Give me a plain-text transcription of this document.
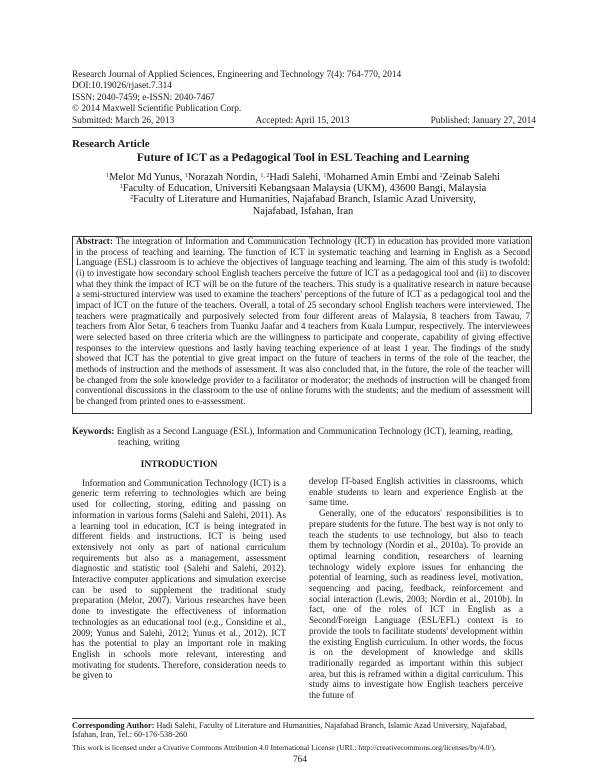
Research Journal of Applied Sciences, Engineering and Technology 7(4): 764-770, 2014
DOI:10.19026/rjaset.7.314
ISSN: 2040-7459; e-ISSN: 2040-7467
© 2014 Maxwell Scientific Publication Corp.
Submitted: March 26, 2013	Accepted: April 15, 2013	Published: January 27, 2014
Research Article
Future of ICT as a Pedagogical Tool in ESL Teaching and Learning
$^1$Melor Md Yunus, $^1$Norazah Nordin, $^{1, 2}$Hadi Salehi, $^1$Mohamed Amin Embi and $^2$Zeinab Salehi
$^1$Faculty of Education, Universiti Kebangsaan Malaysia (UKM), 43600 Bangi, Malaysia
$^2$Faculty of Literature and Humanities, Najafabad Branch, Islamic Azad University,
Najafabad, Isfahan, Iran
Abstract: The integration of Information and Communication Technology (ICT) in education has provided more variation in the process of teaching and learning. The function of ICT in systematic teaching and learning in English as a Second Language (ESL) classroom is to achieve the objectives of language teaching and learning. The aim of this study is twofold: (i) to investigate how secondary school English teachers perceive the future of ICT as a pedagogical tool and (ii) to discover what they think the impact of ICT will be on the future of the teachers. This study is a qualitative research in nature because a semi-structured interview was used to examine the teachers' perceptions of the future of ICT as a pedagogical tool and the impact of ICT on the future of the teachers. Overall, a total of 25 secondary school English teachers were interviewed. The teachers were pragmatically and purposively selected from four different areas of Malaysia, 8 teachers from Tawau, 7 teachers from Alor Setar, 6 teachers from Tuanku Jaafar and 4 teachers from Kuala Lumpur, respectively. The interviewees were selected based on three criteria which are the willingness to participate and cooperate, capability of giving effective responses to the interview questions and lastly having teaching experience of at least 1 year. The findings of the study showed that ICT has the potential to give great impact on the future of teachers in terms of the role of the teacher, the methods of instruction and the methods of assessment. It was also concluded that, in the future, the role of the teacher will be changed from the sole knowledge provider to a facilitator or moderator; the methods of instruction will be changed from conventional discussions in the classroom to the use of online forums with the students; and the medium of assessment will be changed from printed ones to e-assessment.
Keywords: English as a Second Language (ESL), Information and Communication Technology (ICT), learning, reading, teaching, writing
INTRODUCTION

Information and Communication Technology (ICT) is a generic term referring to technologies which are being used for collecting, storing, editing and passing on information in various forms (Salehi and Salehi, 2011). As a learning tool in education, ICT is being integrated in different fields and instructions. ICT is being used extensively not only as part of national curriculum requirements but also as a management, assessment diagnostic and statistic tool (Salehi and Salehi, 2012). Interactive computer applications and simulation exercise can be used to supplement the traditional study preparation (Melor, 2007). Various researches have been done to investigate the effectiveness of information technologies as an educational tool (e.g., Considine et al., 2009; Yunus and Salehi, 2012; Yunus et al., 2012). ICT has the potential to play an important role in making English in schools more relevant, interesting and motivating for students. Therefore, consideration needs to be given to

develop IT-based English activities in classrooms, which enable students to learn and experience English at the same time.

Generally, one of the educators' responsibilities is to prepare students for the future. The best way is not only to teach the students to use technology, but also to teach them by technology (Nordin et al., 2010a). To provide an optimal learning condition, researchers of learning technology widely explore issues for enhancing the potential of learning, such as readiness level, motivation, sequencing and pacing, feedback, reinforcement and social interaction (Lewis, 2003; Nordin et al., 2010b). In fact, one of the roles of ICT in English as a Second/Foreign Language (ESL/EFL) context is to provide the tools to facilitate students' development within the existing English curriculum. In other words, the focus is on the development of knowledge and skills traditionally regarded as important within this subject area, but this is reframed within a digital curriculum. This study aims to investigate how English teachers perceive the future of

Corresponding Author: Hadi Salehi, Faculty of Literature and Humanities, Najafabad Branch, Islamic Azad University, Najafabad, Isfahan, Iran, Tel.: 60-176-538-260
This work is licensed under a Creative Commons Attribution 4.0 International License (URL: http://creativecommons.org/licenses/by/4.0/).
764
